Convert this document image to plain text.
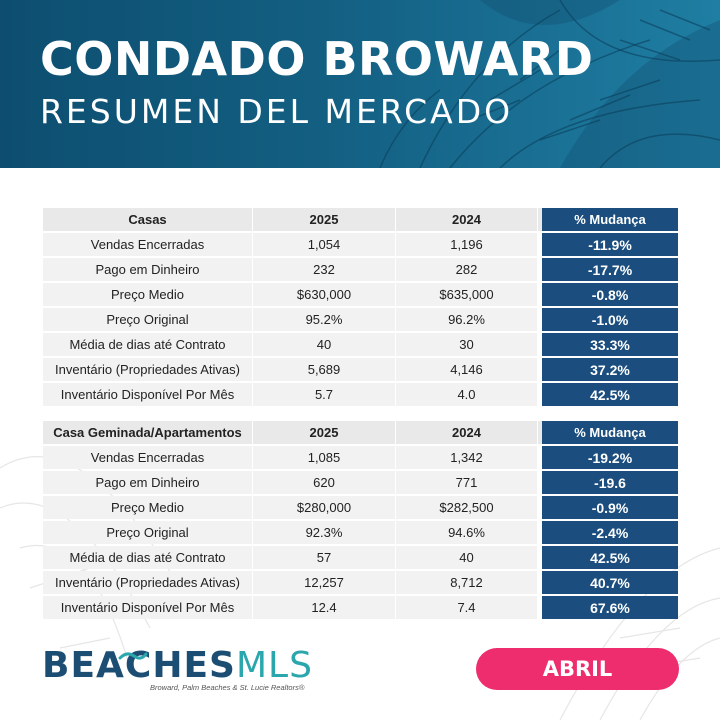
CONDADO BROWARD
RESUMEN DEL MERCADO
Casas	2025	2024		% Mudança
Vendas Encerradas	1,054	1,196		-11.9%
Pago em Dinheiro	232	282		-17.7%
Preço Medio	$630,000	$635,000		-0.8%
Preço Original	95.2%	96.2%		-1.0%
Média de dias até Contrato	40	30		33.3%
Inventário (Propriedades Ativas)	5,689	4,146		37.2%
Inventário Disponível Por Mês	5.7	4.0		42.5%
Casa Geminada/Apartamentos	2025	2024		% Mudança
Vendas Encerradas	1,085	1,342		-19.2%
Pago em Dinheiro	620	771		-19.6
Preço Medio	$280,000	$282,500		-0.9%
Preço Original	92.3%	94.6%		-2.4%
Média de dias até Contrato	57	40		42.5%
Inventário (Propriedades Ativas)	12,257	8,712		40.7%
Inventário Disponível Por Mês	12.4	7.4		67.6%
BEACHESMLS
Broward, Palm Beaches & St. Lucie Realtors®
ABRIL
